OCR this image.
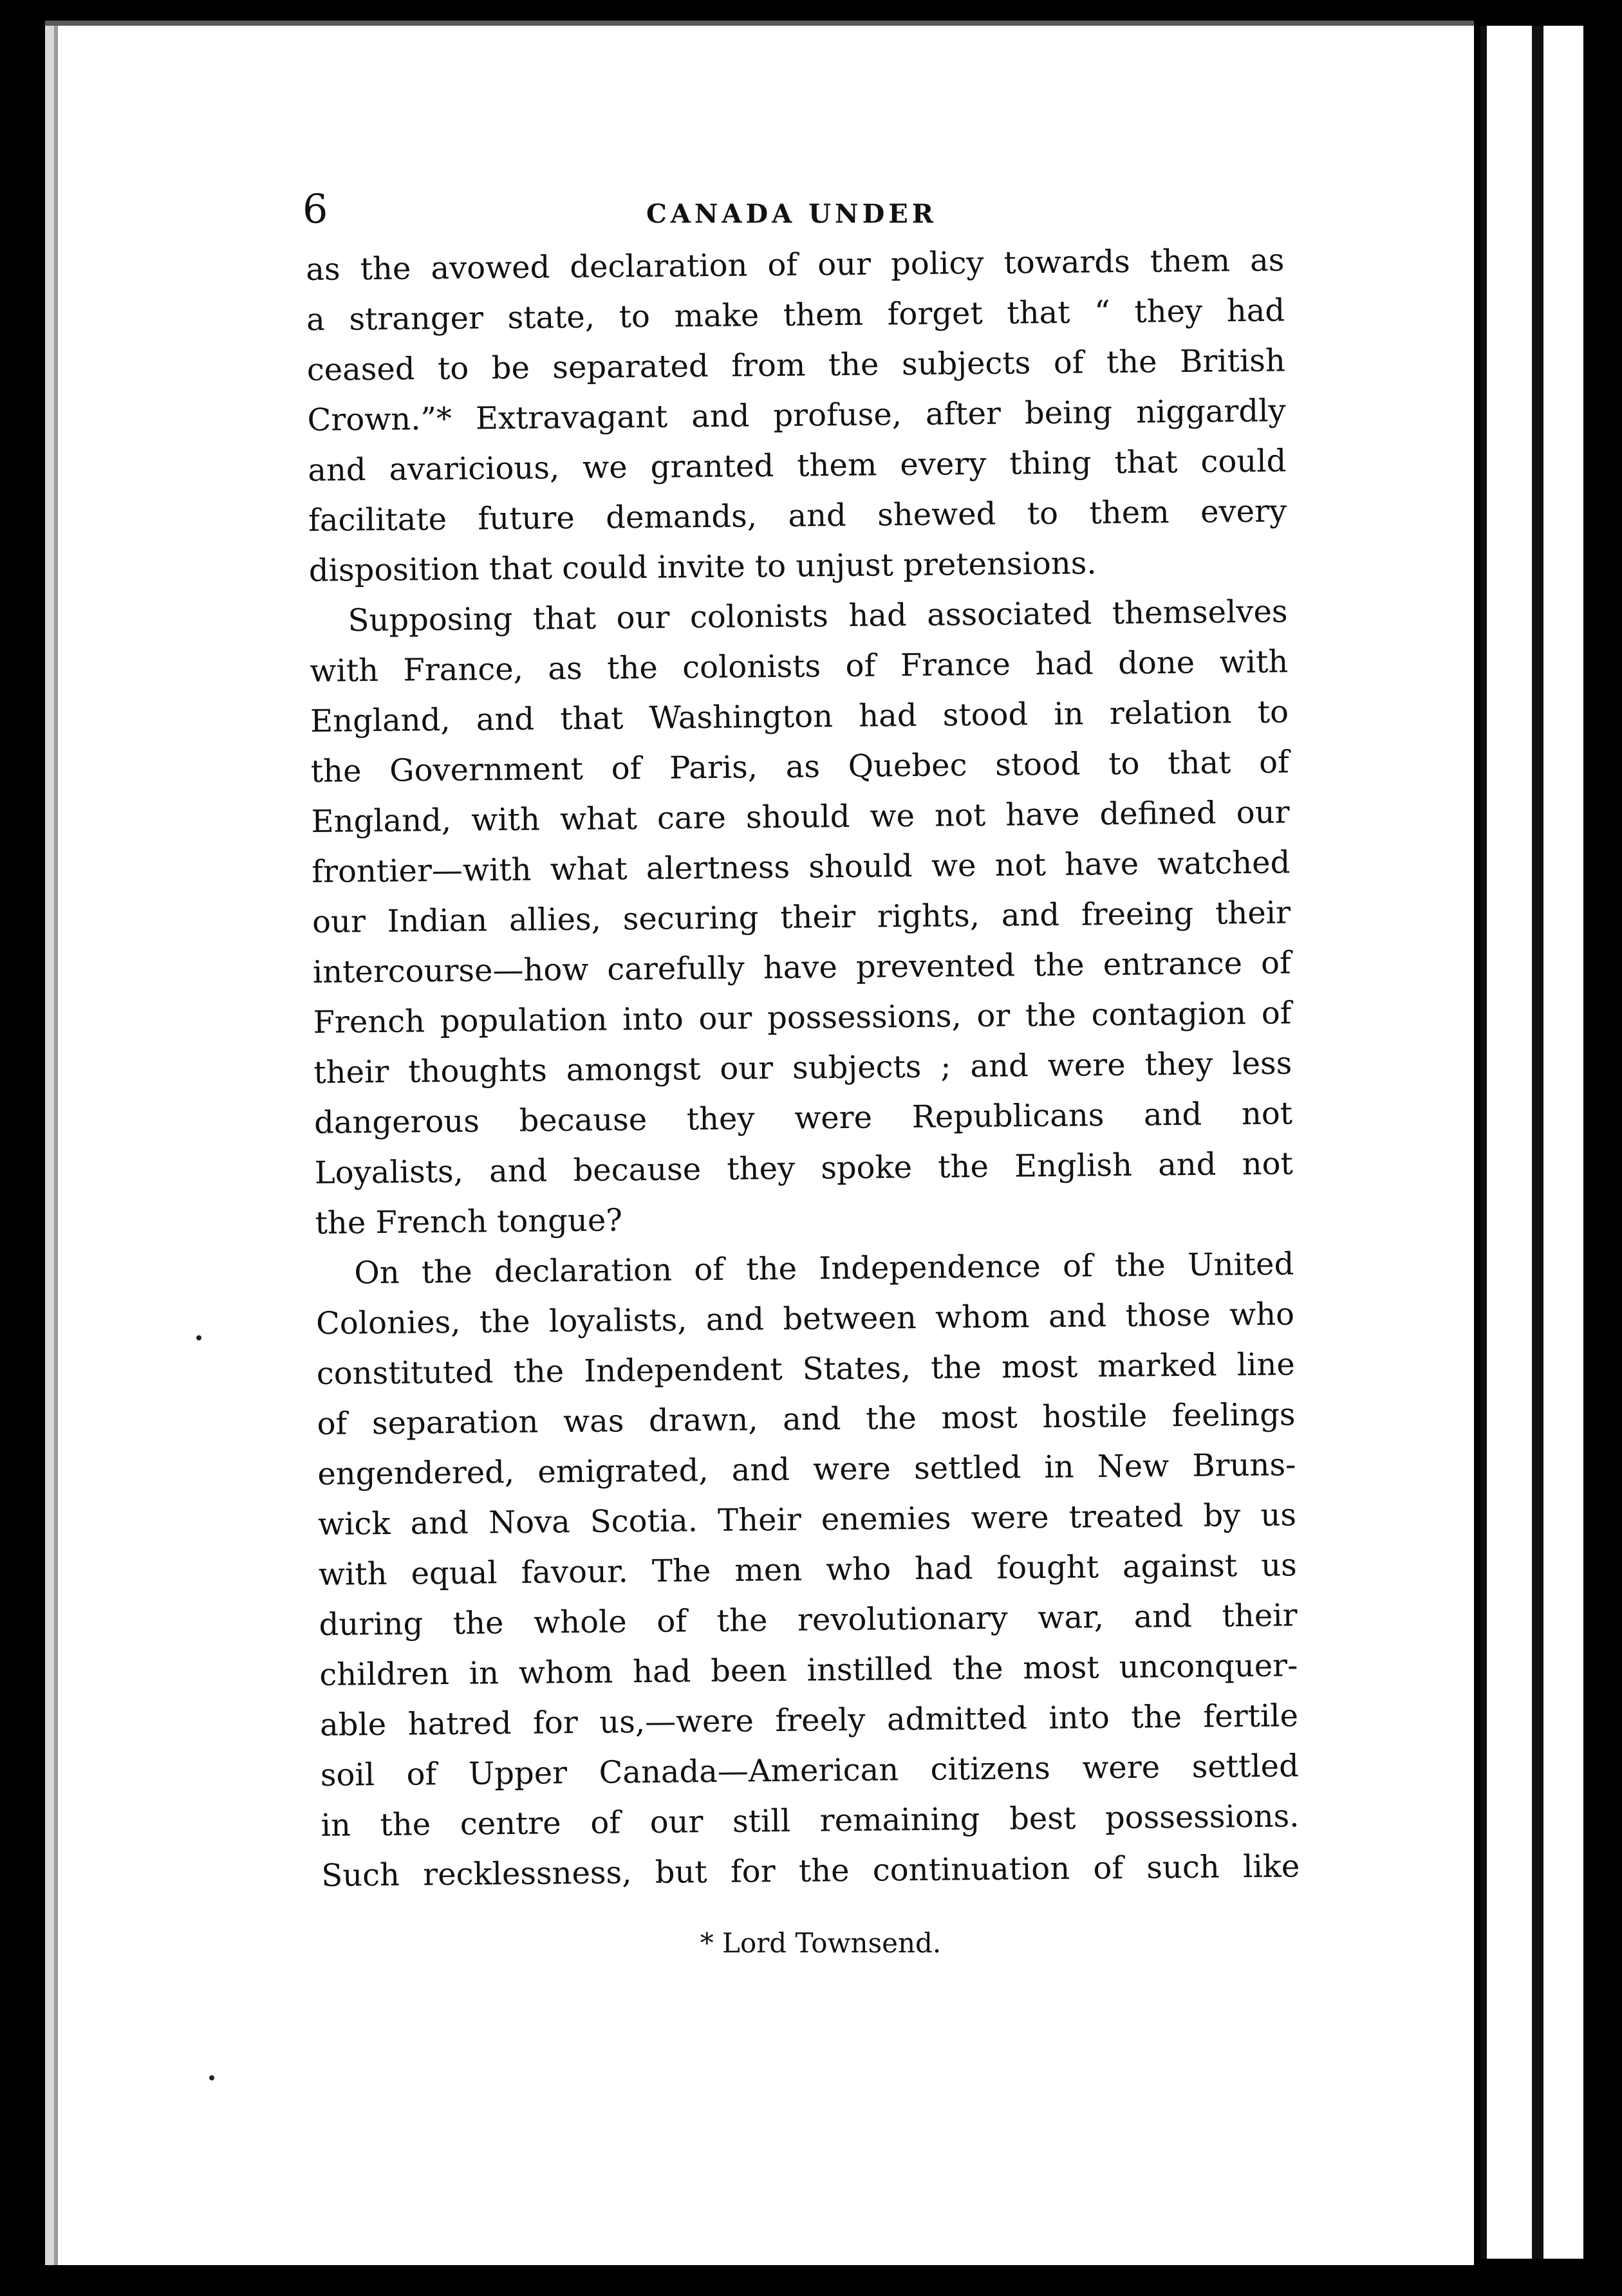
6	CANADA UNDER
as the avowed declaration of our policy towards them as
a stranger state, to make them forget that “ they had
ceased to be separated from the subjects of the British
Crown.”* Extravagant and profuse, after being niggardly
and avaricious, we granted them every thing that could
facilitate future demands, and shewed to them every
disposition that could invite to unjust pretensions.
Supposing that our colonists had associated themselves
with France, as the colonists of France had done with
England, and that Washington had stood in relation to
the Government of Paris, as Quebec stood to that of
England, with what care should we not have defined our
frontier—with what alertness should we not have watched
our Indian allies, securing their rights, and freeing their
intercourse—how carefully have prevented the entrance of
French population into our possessions, or the contagion of
their thoughts amongst our subjects ; and were they less
dangerous because they were Republicans and not
Loyalists, and because they spoke the English and not
the French tongue?
On the declaration of the Independence of the United
Colonies, the loyalists, and between whom and those who
constituted the Independent States, the most marked line
of separation was drawn, and the most hostile feelings
engendered, emigrated, and were settled in New Bruns-
wick and Nova Scotia. Their enemies were treated by us
with equal favour. The men who had fought against us
during the whole of the revolutionary war, and their
children in whom had been instilled the most unconquer-
able hatred for us,—were freely admitted into the fertile
soil of Upper Canada—American citizens were settled
in the centre of our still remaining best possessions.
Such recklessness, but for the continuation of such like
* Lord Townsend.
